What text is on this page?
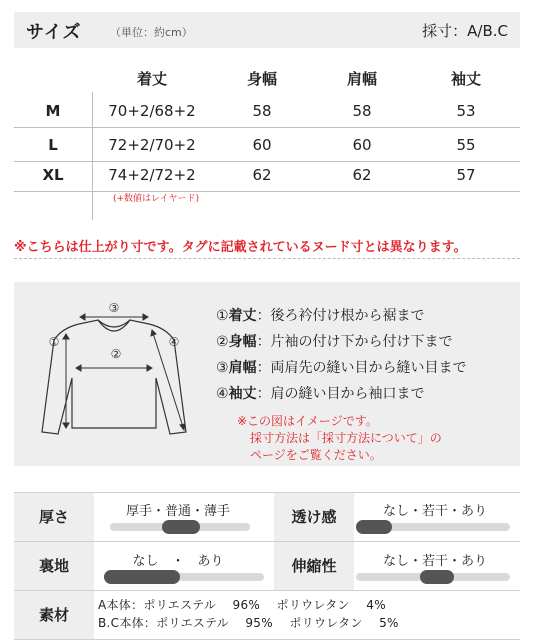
サイズ	（単位：約cm）	採寸：A/B.C
着丈	身幅	肩幅	袖丈
M	70+2/68+2	58	58	53
L	72+2/70+2	60	60	55
XL	74+2/72+2	62	62	57
(+数値はレイヤード)
※こちらは仕上がり寸です。タグに記載されているヌード寸とは異なります。
③
②
①	④
①着丈：後ろ衿付け根から裾まで
②身幅：片袖の付け下から付け下まで
③肩幅：両肩先の縫い目から縫い目まで
④袖丈：肩の縫い目から袖口まで
※この図はイメージです。
採寸方法は「採寸方法について」の
ページをご覧ください。
厚さ	厚手・普通・薄手	透け感	なし・若干・あり
裏地	なし　・　あり	伸縮性	なし・若干・あり
素材
A本体：ポリエステル　 96%　 ポリウレタン　 4%
B.C本体：ポリエステル　 95%　 ポリウレタン　 5%
